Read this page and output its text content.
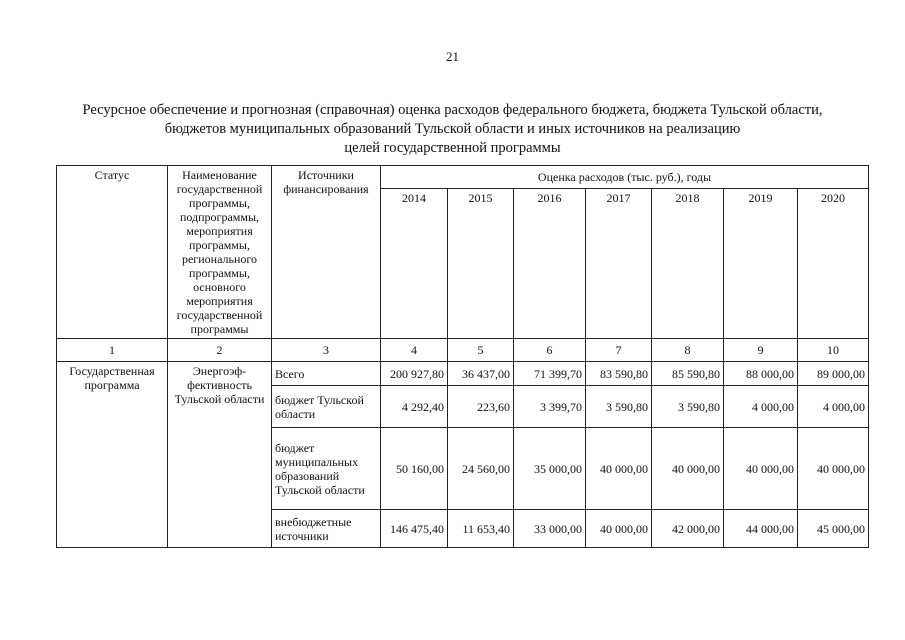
21
Ресурсное обеспечение и прогнозная (справочная) оценка расходов федерального бюджета, бюджета Тульской области,
бюджетов муниципальных образований Тульской области и иных источников на реализацию
целей государственной программы
Статус	Наименование государственной программы, подпрограммы, мероприятия программы, регионального программы, основного мероприятия государственной программы	Источники финансирования	Оценка расходов (тыс. руб.), годы						
			2014	2015	2016	2017	2018	2019	2020
1	2	3	4	5	6	7	8	9	10
Государственная программа	Энергоэф-фективность Тульской области	Всего	200 927,80	36 437,00	71 399,70	83 590,80	85 590,80	88 000,00	89 000,00
		бюджет Тульской области	4 292,40	223,60	3 399,70	3 590,80	3 590,80	4 000,00	4 000,00
		бюджет муниципальных образований Тульской области	50 160,00	24 560,00	35 000,00	40 000,00	40 000,00	40 000,00	40 000,00
		внебюджетные источники	146 475,40	11 653,40	33 000,00	40 000,00	42 000,00	44 000,00	45 000,00
